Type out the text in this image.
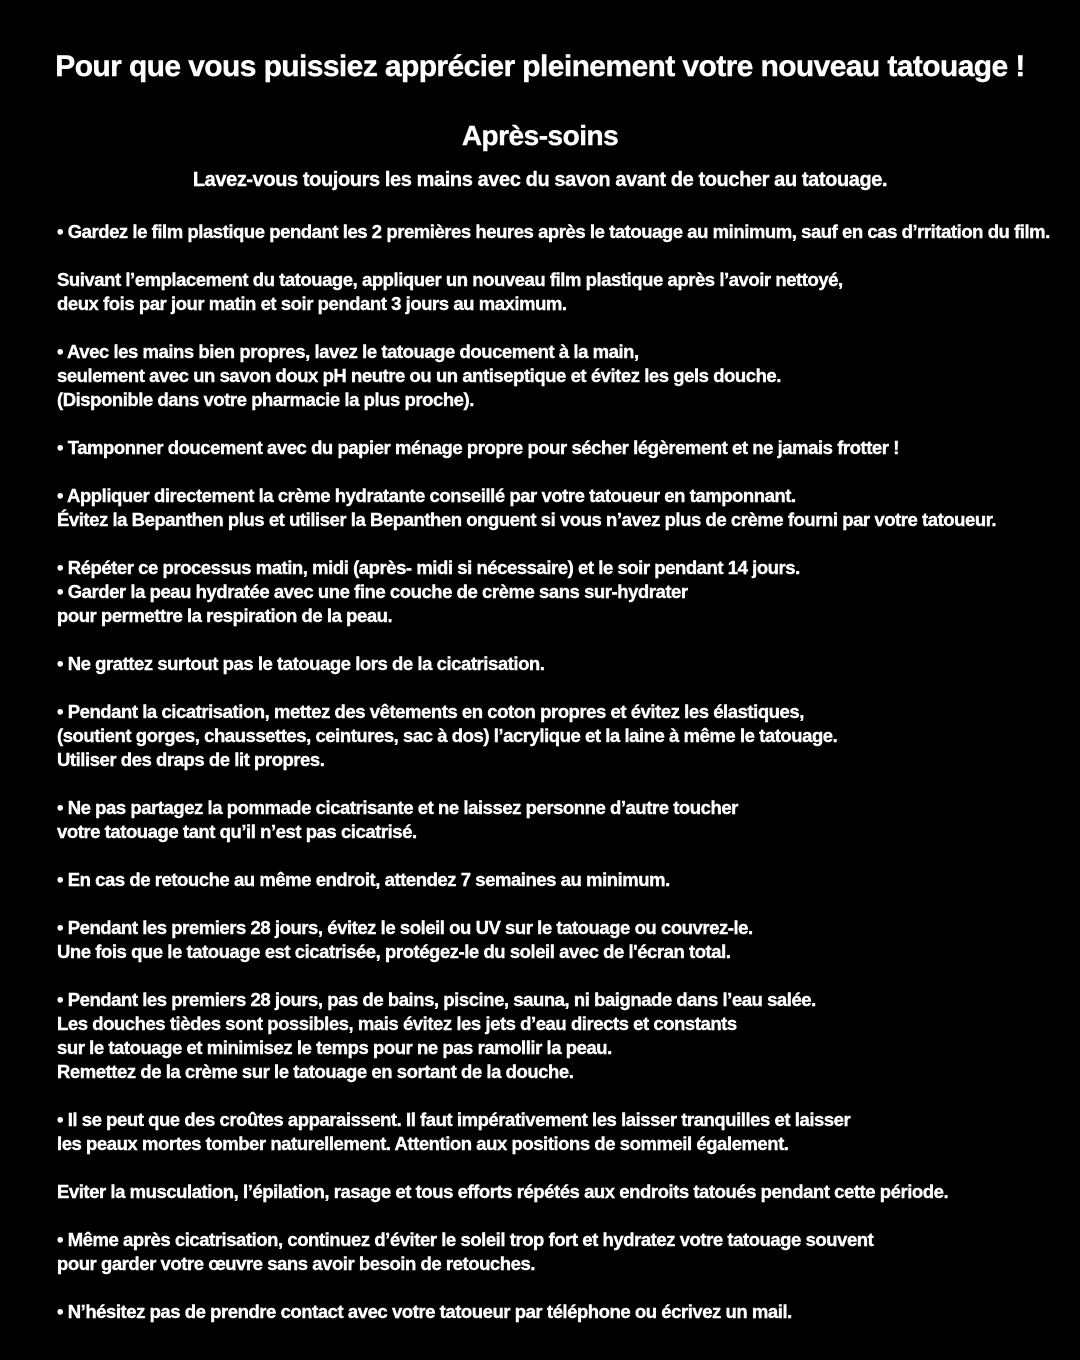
Pour que vous puissiez apprécier pleinement votre nouveau tatouage !
Après-soins

Lavez-vous toujours les mains avec du savon avant de toucher au tatouage.

• Gardez le film plastique pendant les 2 premières heures après le tatouage au minimum, sauf en cas d’rritation du film.

Suivant l’emplacement du tatouage, appliquer un nouveau film plastique après l’avoir nettoyé,
deux fois par jour matin et soir pendant 3 jours au maximum.

• Avec les mains bien propres, lavez le tatouage doucement à la main,
seulement avec un savon doux pH neutre ou un antiseptique et évitez les gels douche.
(Disponible dans votre pharmacie la plus proche).

• Tamponner doucement avec du papier ménage propre pour sécher légèrement et ne jamais frotter !

• Appliquer directement la crème hydratante conseillé par votre tatoueur en tamponnant.
Évitez la Bepanthen plus et utiliser la Bepanthen onguent si vous n’avez plus de crème fourni par votre tatoueur.

• Répéter ce processus matin, midi (après- midi si nécessaire) et le soir pendant 14 jours.
• Garder la peau hydratée avec une fine couche de crème sans sur-hydrater
pour permettre la respiration de la peau.

• Ne grattez surtout pas le tatouage lors de la cicatrisation.

• Pendant la cicatrisation, mettez des vêtements en coton propres et évitez les élastiques,
(soutient gorges, chaussettes, ceintures, sac à dos) l’acrylique et la laine à même le tatouage.
Utiliser des draps de lit propres.

• Ne pas partagez la pommade cicatrisante et ne laissez personne d’autre toucher
votre tatouage tant qu’il n’est pas cicatrisé.

• En cas de retouche au même endroit, attendez 7 semaines au minimum.

• Pendant les premiers 28 jours, évitez le soleil ou UV sur le tatouage ou couvrez-le.
Une fois que le tatouage est cicatrisée, protégez-le du soleil avec de l'écran total.

• Pendant les premiers 28 jours, pas de bains, piscine, sauna, ni baignade dans l’eau salée.
Les douches tièdes sont possibles, mais évitez les jets d’eau directs et constants
sur le tatouage et minimisez le temps pour ne pas ramollir la peau.
Remettez de la crème sur le tatouage en sortant de la douche.

• Il se peut que des croûtes apparaissent. Il faut impérativement les laisser tranquilles et laisser
les peaux mortes tomber naturellement. Attention aux positions de sommeil également.

Eviter la musculation, l’épilation, rasage et tous efforts répétés aux endroits tatoués pendant cette période.

• Même après cicatrisation, continuez d’éviter le soleil trop fort et hydratez votre tatouage souvent
pour garder votre œuvre sans avoir besoin de retouches.

• N’hésitez pas de prendre contact avec votre tatoueur par téléphone ou écrivez un mail.
